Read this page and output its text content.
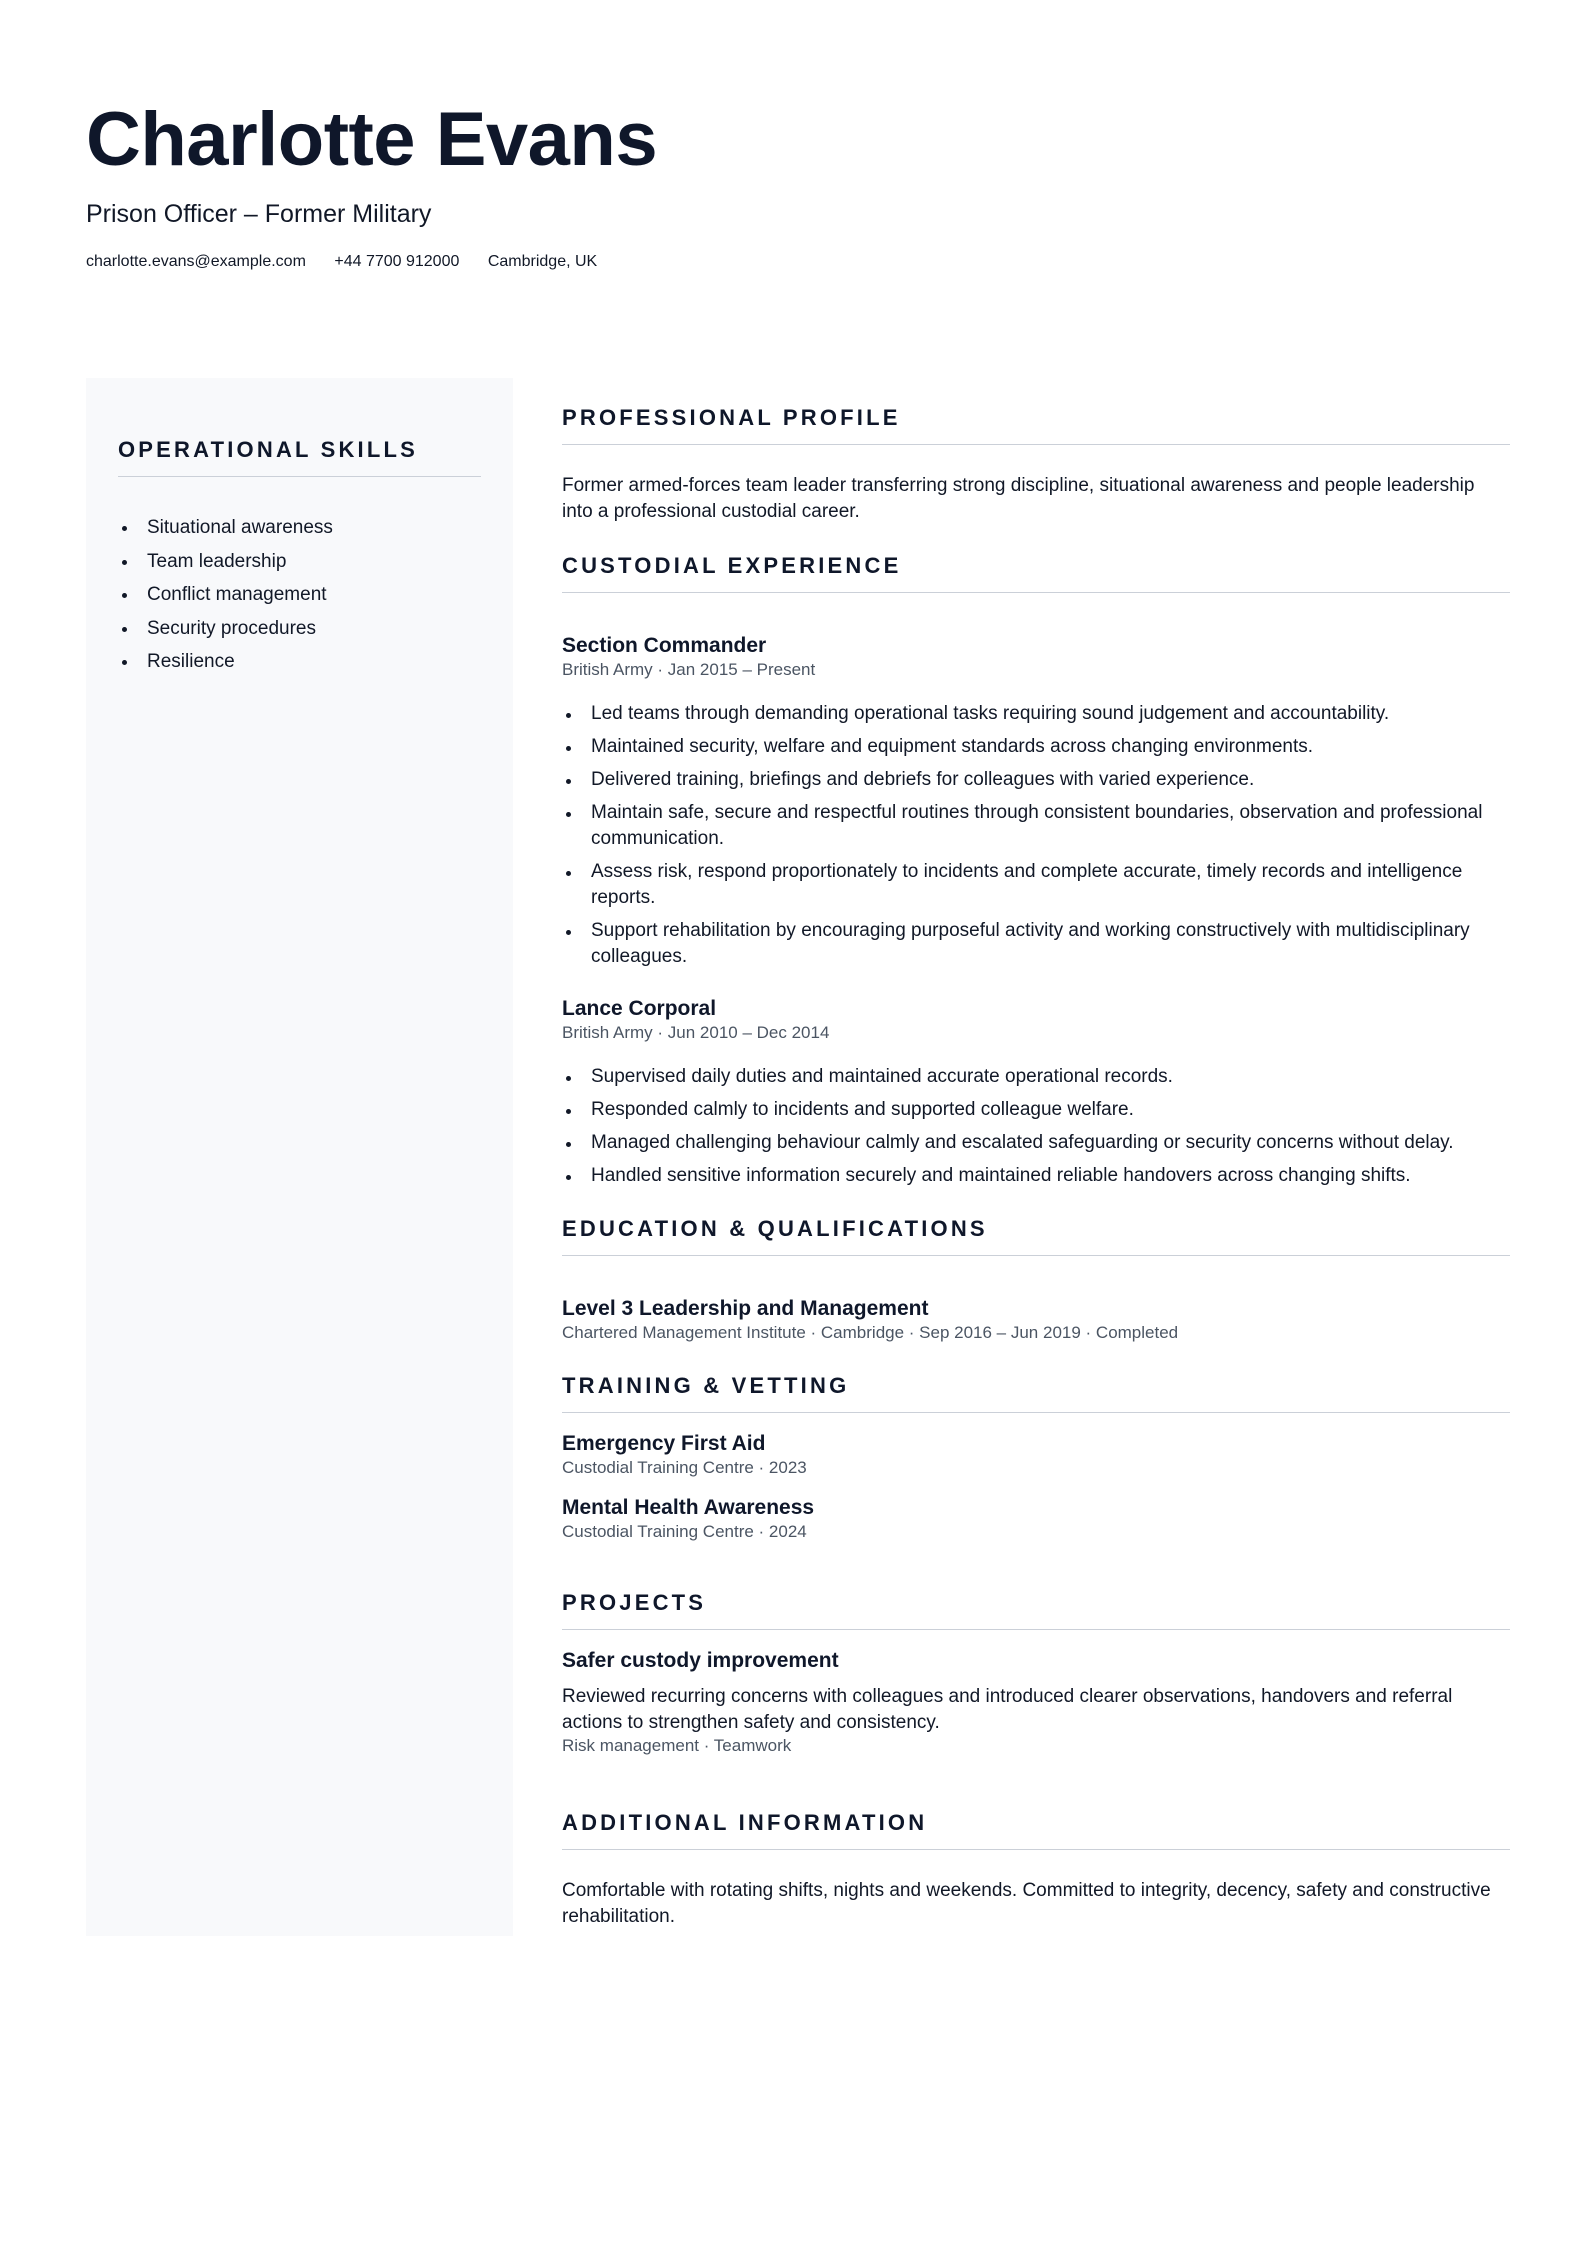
Charlotte Evans
Prison Officer – Former Military
charlotte.evans@example.com +44 7700 912000 Cambridge, UK
OPERATIONAL SKILLS
Situational awareness
Team leadership
Conflict management
Security procedures
Resilience
PROFESSIONAL PROFILE

Former armed-forces team leader transferring strong discipline, situational awareness and people leadership into a professional custodial career.

CUSTODIAL EXPERIENCE
Section Commander

British Army · Jan 2015 – Present

Led teams through demanding operational tasks requiring sound judgement and accountability.
Maintained security, welfare and equipment standards across changing environments.
Delivered training, briefings and debriefs for colleagues with varied experience.
Maintain safe, secure and respectful routines through consistent boundaries, observation and professional communication.
Assess risk, respond proportionately to incidents and complete accurate, timely records and intelligence reports.
Support rehabilitation by encouraging purposeful activity and working constructively with multidisciplinary colleagues.
Lance Corporal

British Army · Jun 2010 – Dec 2014

Supervised daily duties and maintained accurate operational records.
Responded calmly to incidents and supported colleague welfare.
Managed challenging behaviour calmly and escalated safeguarding or security concerns without delay.
Handled sensitive information securely and maintained reliable handovers across changing shifts.
EDUCATION & QUALIFICATIONS
Level 3 Leadership and Management

Chartered Management Institute · Cambridge · Sep 2016 – Jun 2019 · Completed

TRAINING & VETTING
Emergency First Aid

Custodial Training Centre · 2023

Mental Health Awareness

Custodial Training Centre · 2024

PROJECTS
Safer custody improvement

Reviewed recurring concerns with colleagues and introduced clearer observations, handovers and referral actions to strengthen safety and consistency.

Risk management · Teamwork

ADDITIONAL INFORMATION

Comfortable with rotating shifts, nights and weekends. Committed to integrity, decency, safety and constructive rehabilitation.
